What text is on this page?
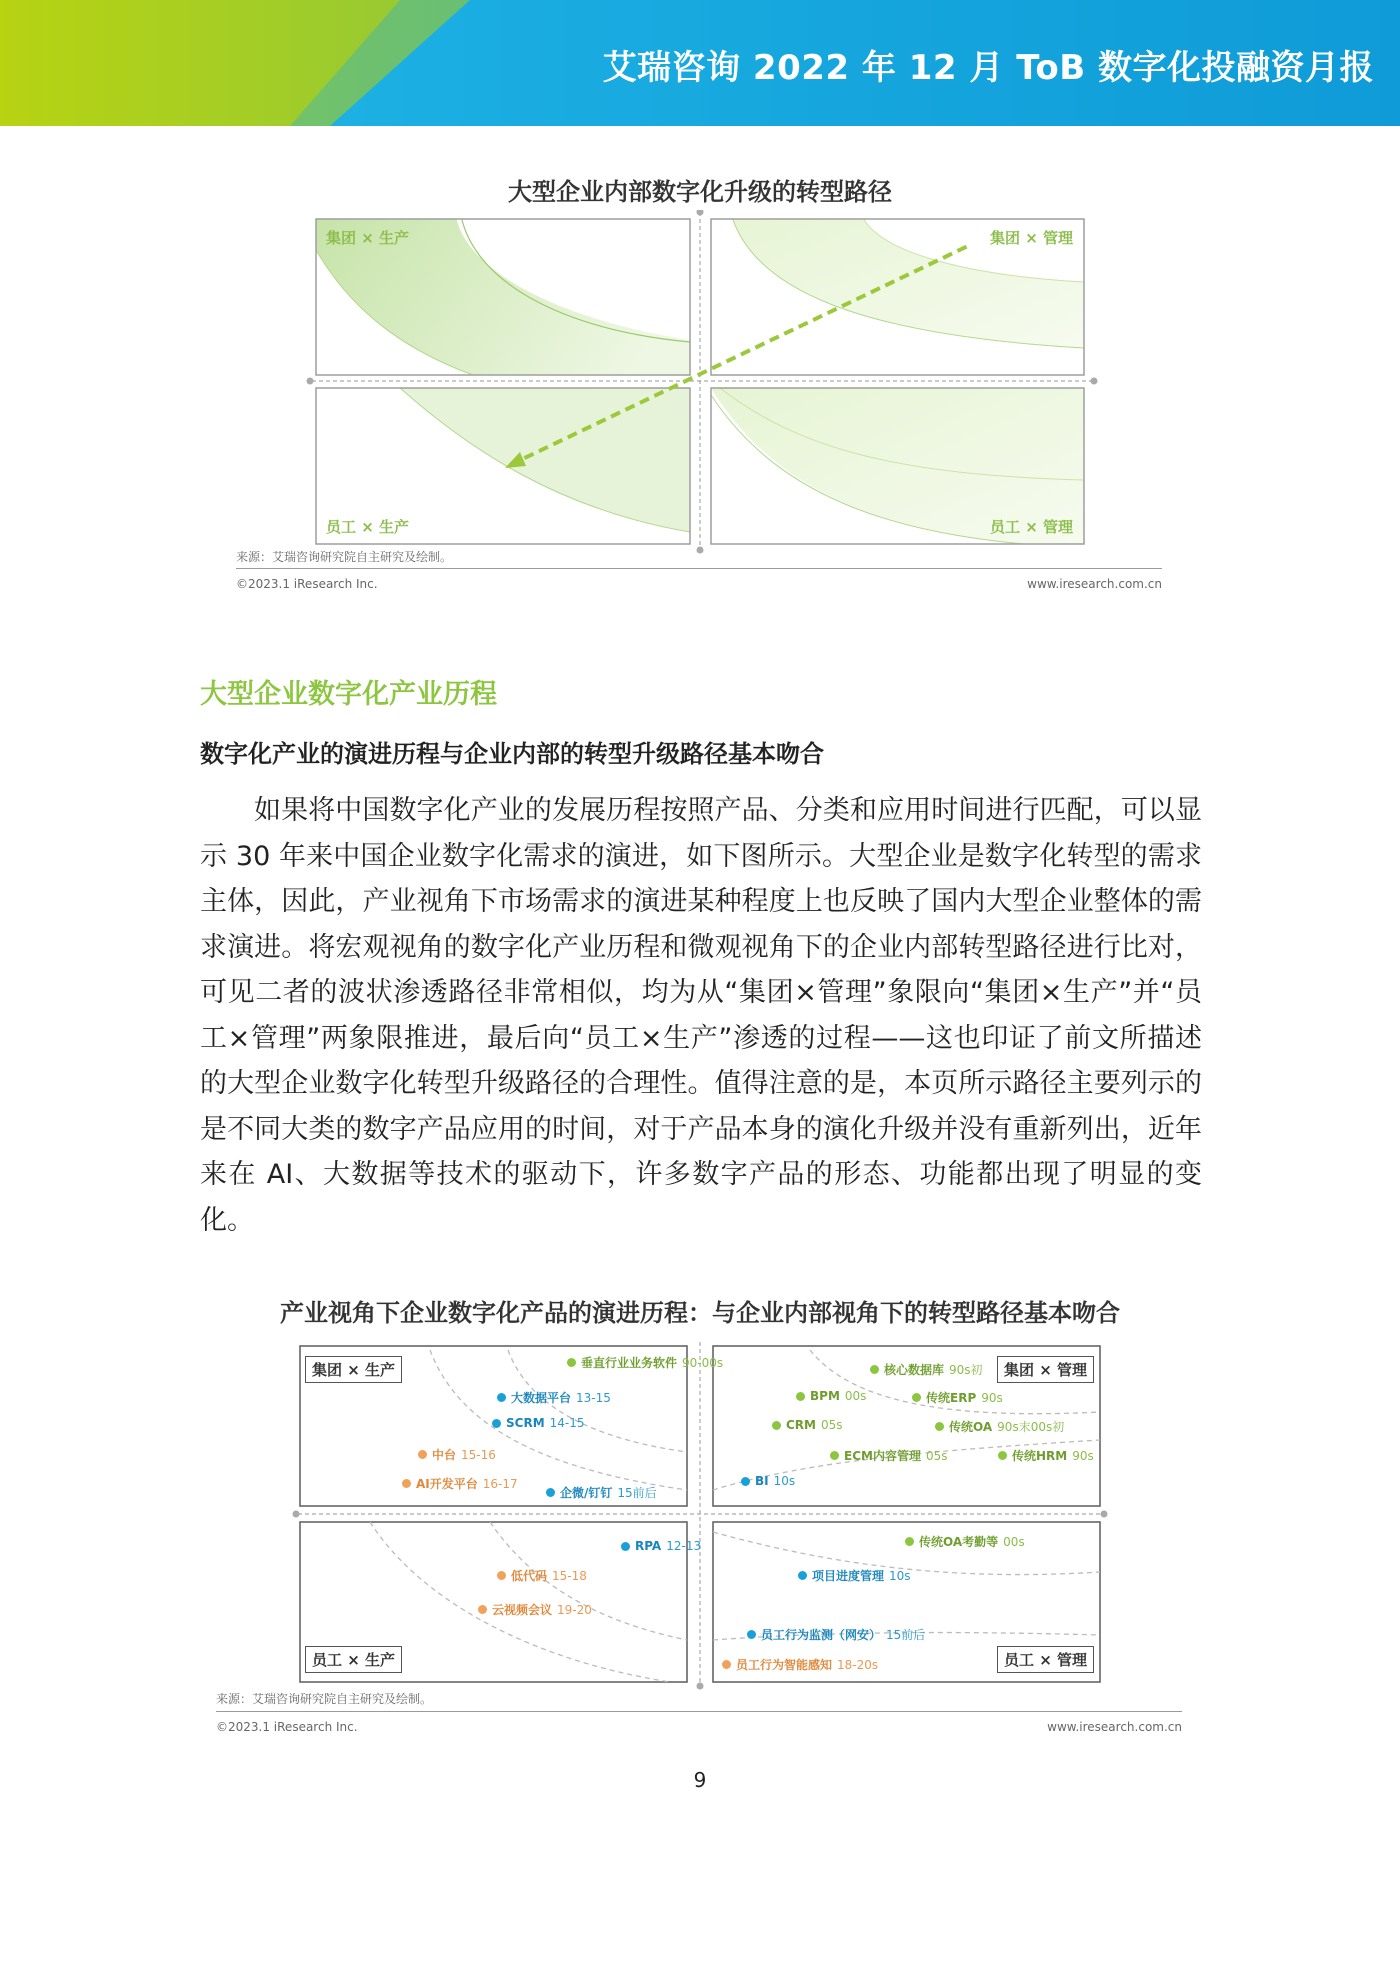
艾瑞咨询 2022 年 12 月 ToB 数字化投融资月报
大型企业内部数字化升级的转型路径
集团 × 生产	集团 × 管理
员工 × 生产	员工 × 管理
来源：艾瑞咨询研究院自主研究及绘制。
©2023.1 iResearch Inc.	www.iresearch.com.cn
大型企业数字化产业历程
数字化产业的演进历程与企业内部的转型升级路径基本吻合
如果将中国数字化产业的发展历程按照产品、分类和应用时间进行匹配，可以显示 30 年来中国企业数字化需求的演进，如下图所示。大型企业是数字化转型的需求主体，因此，产业视角下市场需求的演进某种程度上也反映了国内大型企业整体的需求演进。将宏观视角的数字化产业历程和微观视角下的企业内部转型路径进行比对，可见二者的波状渗透路径非常相似，均为从“集团×管理”象限向“集团×生产”并“员工×管理”两象限推进，最后向“员工×生产”渗透的过程——这也印证了前文所描述的大型企业数字化转型升级路径的合理性。值得注意的是，本页所示路径主要列示的是不同大类的数字产品应用的时间，对于产品本身的演化升级并没有重新列出，近年来在 AI、大数据等技术的驱动下，许多数字产品的形态、功能都出现了明显的变化。
产业视角下企业数字化产品的演进历程：与企业内部视角下的转型路径基本吻合
垂直行业业务软件 90-00s
大数据平台 13-15
SCRM 14-15
中台 15-16
AI开发平台 16-17
企微/钉钉 15前后
核心数据库 90s初
BPM 00s	传统ERP 90s
CRM 05s	传统OA 90s末00s初
ECM内容管理 05s	传统HRM 90s
BI 10s
RPA 12-13
低代码 15-18
云视频会议 19-20
传统OA考勤等 00s
项目进度管理 10s
员工行为监测（网安） 15前后
员工行为智能感知 18-20s
集团 × 生产	集团 × 管理
员工 × 生产	员工 × 管理
来源：艾瑞咨询研究院自主研究及绘制。
©2023.1 iResearch Inc.	www.iresearch.com.cn
9
